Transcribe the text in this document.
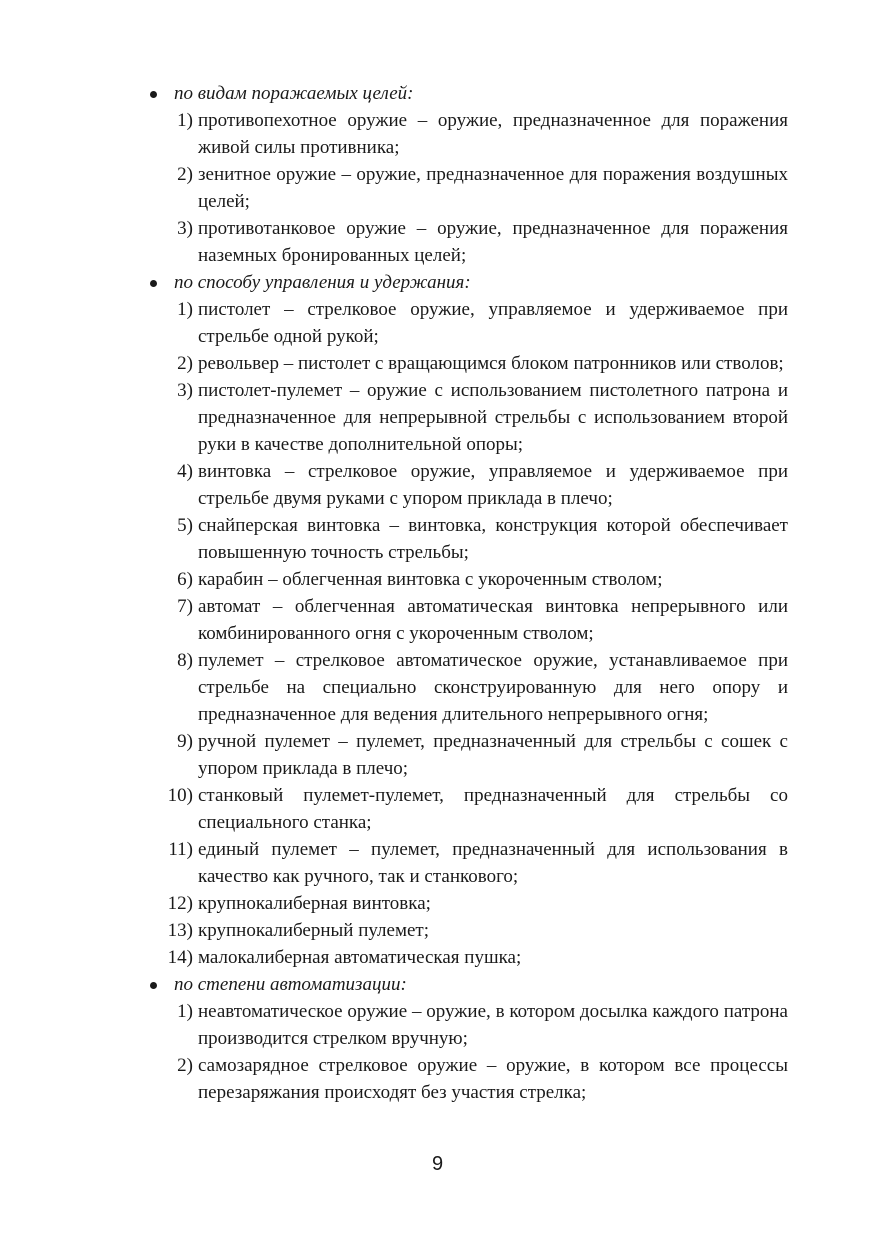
по видам поражаемых целей:
1) противопехотное оружие – оружие, предназначенное для поражения живой силы противника;
2) зенитное оружие – оружие, предназначенное для поражения воздушных целей;
3) противотанковое оружие – оружие, предназначенное для поражения наземных бронированных целей;
по способу управления и удержания:
1) пистолет – стрелковое оружие, управляемое и удерживаемое при стрельбе одной рукой;
2) револьвер – пистолет с вращающимся блоком патронников или стволов;
3) пистолет-пулемет – оружие с использованием пистолетного патрона и предназначенное для непрерывной стрельбы с использованием второй руки в качестве дополнительной опоры;
4) винтовка – стрелковое оружие, управляемое и удерживаемое при стрельбе двумя руками с упором приклада в плечо;
5) снайперская винтовка – винтовка, конструкция которой обеспечивает повышенную точность стрельбы;
6) карабин – облегченная винтовка с укороченным стволом;
7) автомат – облегченная автоматическая винтовка непрерывного или комбинированного огня с укороченным стволом;
8) пулемет – стрелковое автоматическое оружие, устанавливаемое при стрельбе на специально сконструированную для него опору и предназначенное для ведения длительного непрерывного огня;
9) ручной пулемет – пулемет, предназначенный для стрельбы с сошек с упором приклада в плечо;
10) станковый пулемет-пулемет, предназначенный для стрельбы со специального станка;
11) единый пулемет – пулемет, предназначенный для использования в качество как ручного, так и станкового;
12) крупнокалиберная винтовка;
13) крупнокалиберный пулемет;
14) малокалиберная автоматическая пушка;
по степени автоматизации:
1) неавтоматическое оружие – оружие, в котором досылка каждого патрона производится стрелком вручную;
2) самозарядное стрелковое оружие – оружие, в котором все процессы перезаряжания происходят без участия стрелка;
9
